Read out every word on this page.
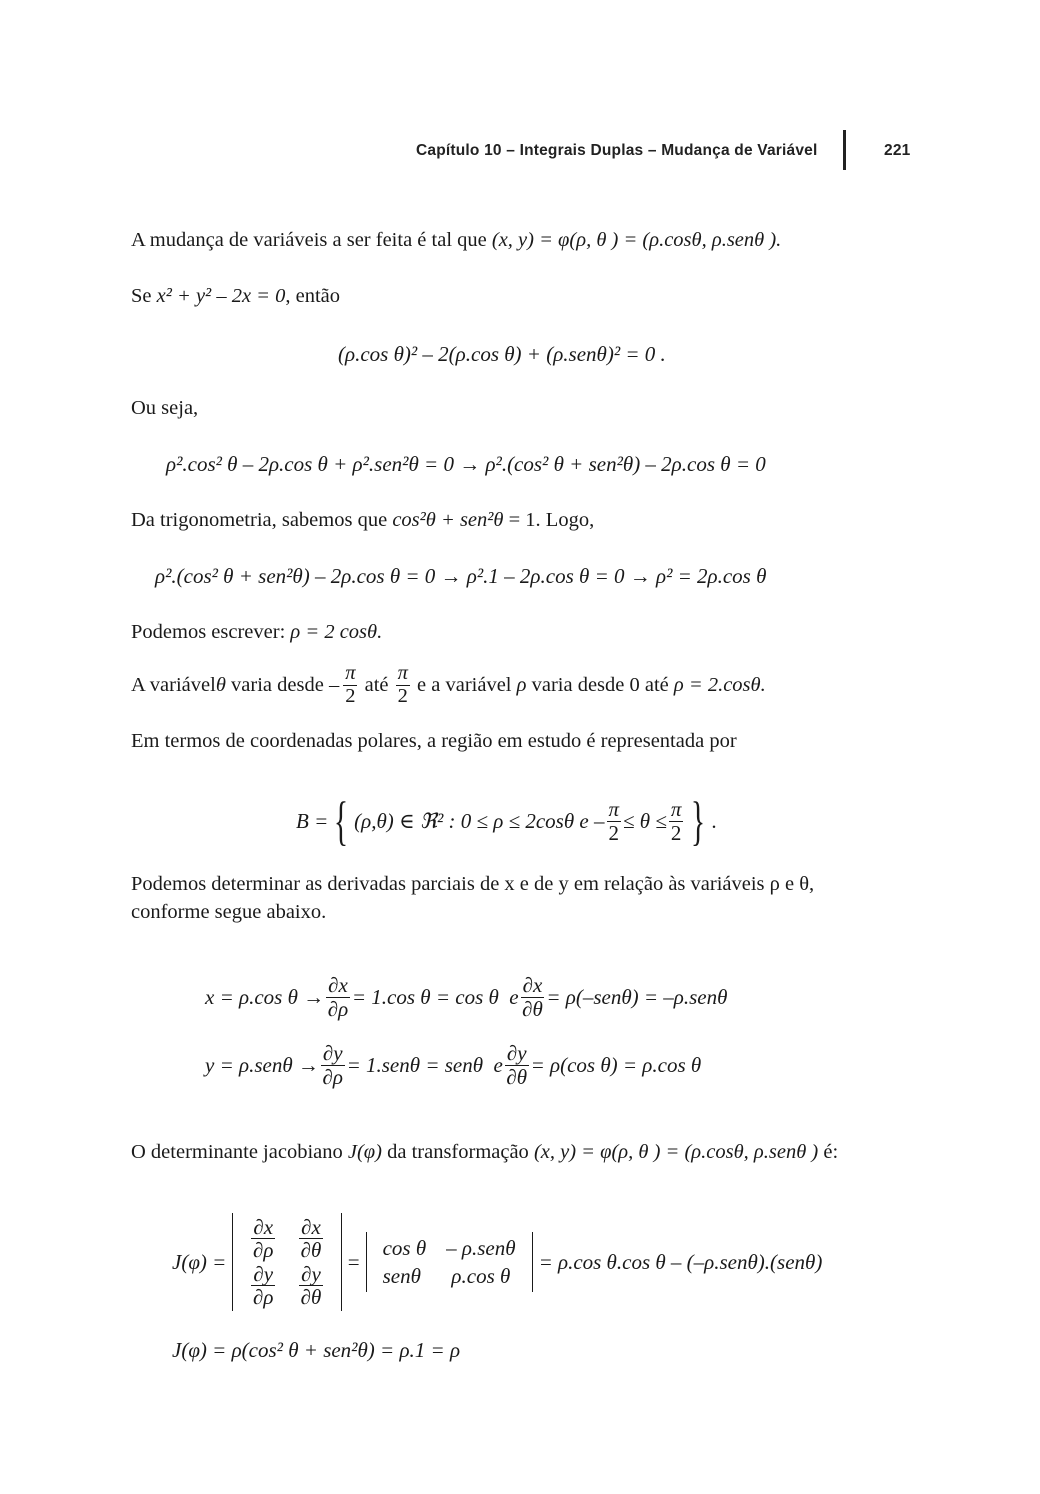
Capítulo 10 – Integrais Duplas – Mudança de Variável	221
A mudança de variáveis a ser feita é tal que (x, y) = φ(ρ, θ ) = (ρ.cosθ, ρ.senθ ).
Se x² + y² – 2x = 0, então
(ρ.cos θ)² – 2(ρ.cos θ) + (ρ.senθ)² = 0 .
Ou seja,
ρ².cos² θ – 2ρ.cos θ + ρ².sen²θ = 0 → ρ².(cos² θ + sen²θ) – 2ρ.cos θ = 0
Da trigonometria, sabemos que cos²θ + sen²θ = 1. Logo,
ρ².(cos² θ + sen²θ) – 2ρ.cos θ = 0 → ρ².1 – 2ρ.cos θ = 0 → ρ² = 2ρ.cos θ
Podemos escrever: ρ = 2 cosθ.
A variável θ varia desde – $\frac{\pi}{2}$ até $\frac{\pi}{2}$ e a variável ρ varia desde 0 até ρ = 2.cosθ.
Em termos de coordenadas polares, a região em estudo é representada por
B = { (ρ,θ) ∈ ℜ² : 0 ≤ ρ ≤ 2cosθ $e - \frac{\pi}{2} \le \theta \le \frac{\pi}{2}$ } .
Podemos determinar as derivadas parciais de x e de y em relação às variáveis ρ e θ,
conforme segue abaixo.
x = ρ.cos $\theta \to \frac{\partial x}{\partial\rho} = 1.\cos$ θ = cos θ  e $\frac{\partial x}{\partial\theta} = \rho(-sen\theta) = -\rho.sen\theta$
$y = \rho.sen\theta \to \frac{\partial y}{\partial\rho} = 1.sen\theta = sen\theta$  e $\frac{\partial y}{\partial\theta} = \rho(\cos$ θ) = ρ.cos θ
O determinante jacobiano J(φ) da transformação (x, y) = φ(ρ, θ ) = (ρ.cosθ, ρ.senθ ) é:
J(φ) =
$\frac{\partial x}{\partial\rho}$	$\frac{\partial x}{\partial\theta}$

$\frac{\partial y}{\partial\rho}$	$\frac{\partial y}{\partial\theta}$
=
cos θ	– ρ.senθ
senθ	ρ.cos θ
= ρ.cos θ.cos θ – (–ρ.senθ).(senθ)
J(φ) = ρ(cos² θ + sen²θ) = ρ.1 = ρ
